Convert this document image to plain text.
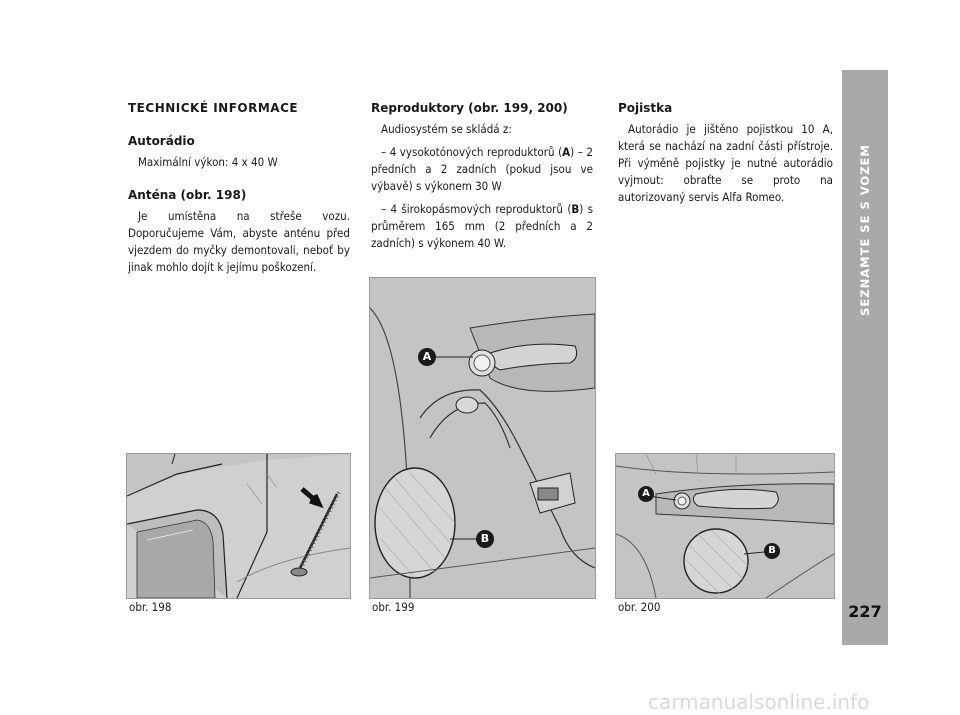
TECHNICKÉ INFORMACE
Autorádio

Maximální výkon: 4 x 40 W

Anténa (obr. 198)

Je umístěna na střeše vozu. Doporučujeme Vám, abyste anténu před vjezdem do myčky demontovali, neboť by jinak mohlo dojít k jejímu poškození.

Reproduktory (obr. 199, 200)

Audiosystém se skládá z:

– 4 vysokotónových reproduktorů (A) – 2 předních a 2 zadních (pokud jsou ve výbavě) s výkonem 30 W

– 4 širokopásmových reproduktorů (B) s průměrem 165 mm (2 předních a 2 zadních) s výkonem 40 W.

Pojistka

Autorádio je jištěno pojistkou 10 A, která se nachází na zadní části přístroje. Při výměně pojistky je nutné autorádio vyjmout: obraťte se proto na autorizovaný servis Alfa Romeo.

obr. 198
A
B
obr. 199
A
B
obr. 200
SEZNAMTE SE S VOZEM
227
carmanualsonline.info
